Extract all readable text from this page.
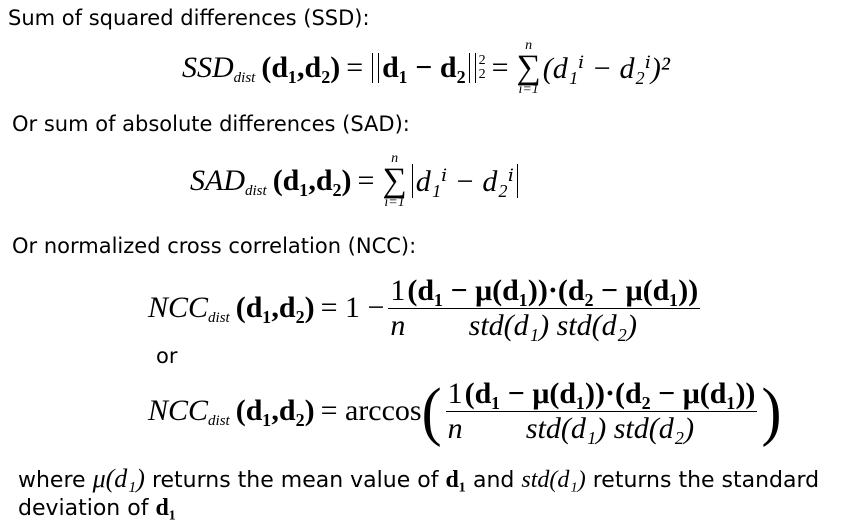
Sum of squared differences (SSD):
SSD dist (d₁,d₂) = d₁ − d₂ 2
2 =
n
∑
i=1
(d₁ⁱ − d₂ⁱ)²
Or sum of absolute differences (SAD):
SAD dist (d₁,d₂) =
n
∑
i=1
d₁ⁱ − d₂ⁱ
Or normalized cross correlation (NCC):
NCC dist $(d_1,d_2) = 1 - \frac{1}{n}$
$\frac{\text{(d₁ − μ(d₁))·(d₂ − μ(d₁))}}{\text{std(d₁) std(d₂)}}$
or
NCC dist (d₁,d₂) = arccos ( $\frac{1}{n}$
$\frac{\text{(d₁ − μ(d₁))·(d₂ − μ(d₁))}}{\text{std(d₁) std(d₂)}}$ )
where μ(d₁) returns the mean value of d₁ and std(d₁) returns the standard
deviation of d₁
